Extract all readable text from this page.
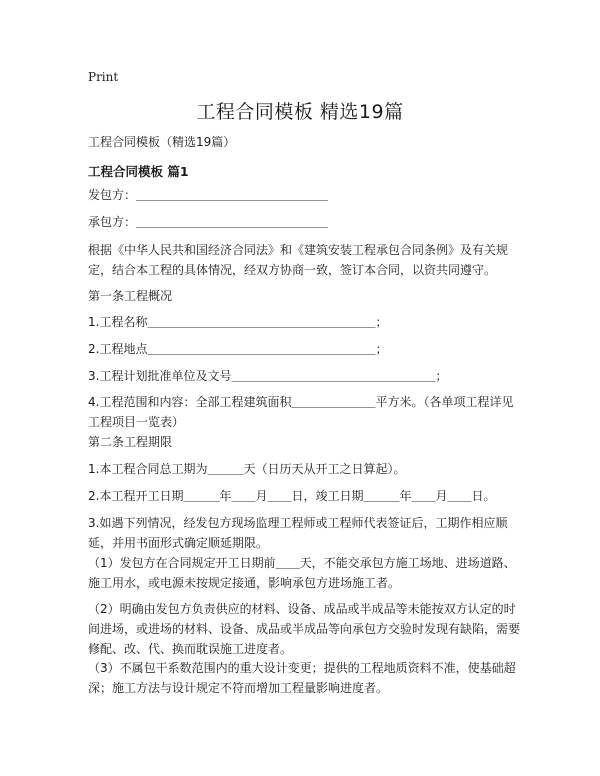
Print
工程合同模板 精选19篇
工程合同模板（精选19篇）
工程合同模板 篇1

发包方：＿＿＿＿＿＿＿＿＿＿＿＿＿＿＿＿

承包方：＿＿＿＿＿＿＿＿＿＿＿＿＿＿＿＿

根据《中华人民共和国经济合同法》和《建筑安装工程承包合同条例》及有关规定，结合本工程的具体情况，经双方协商一致，签订本合同，以资共同遵守。

第一条工程概况

1.工程名称＿＿＿＿＿＿＿＿＿＿＿＿＿＿＿＿＿＿＿；

2.工程地点＿＿＿＿＿＿＿＿＿＿＿＿＿＿＿＿＿＿＿；

3.工程计划批准单位及文号＿＿＿＿＿＿＿＿＿＿＿＿＿＿＿＿＿；

4.工程范围和内容：全部工程建筑面积＿＿＿＿＿＿＿平方米。（各单项工程详见工程项目一览表）

第二条工程期限

1.本工程合同总工期为＿＿＿天（日历天从开工之日算起）。

2.本工程开工日期＿＿＿年＿＿月＿＿日，竣工日期＿＿＿年＿＿月＿＿日。

3.如遇下列情况，经发包方现场监理工程师或工程师代表签证后，工期作相应顺延，并用书面形式确定顺延期限。

（1）发包方在合同规定开工日期前＿＿天，不能交承包方施工场地、进场道路、施工用水，或电源未按规定接通，影响承包方进场施工者。

（2）明确由发包方负责供应的材料、设备、成品或半成品等未能按双方认定的时间进场，或进场的材料、设备、成品或半成品等向承包方交验时发现有缺陷，需要修配、改、代、换而耽误施工进度者。

（3）不属包干系数范围内的重大设计变更；提供的工程地质资料不准，使基础超深；施工方法与设计规定不符而增加工程量影响进度者。
